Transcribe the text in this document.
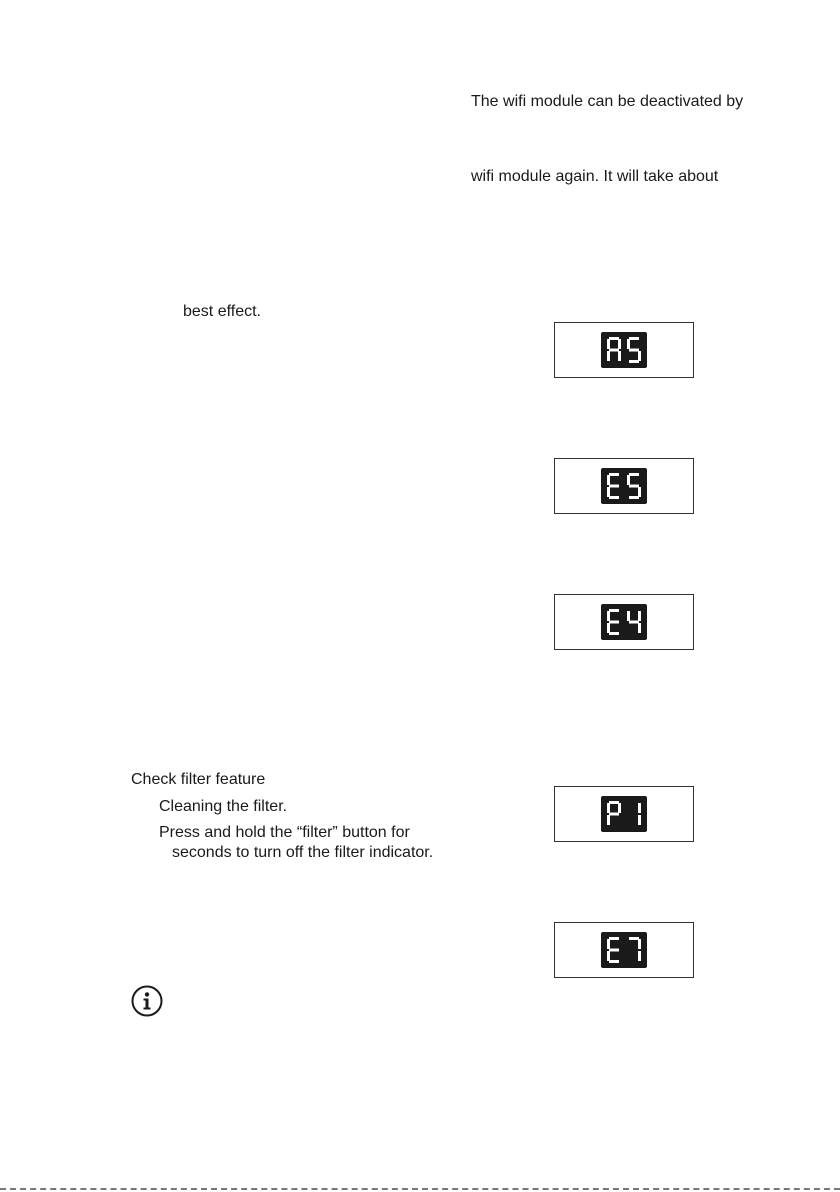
The wifi module can be deactivated by
wifi module again. It will take about
best effect.
Check filter feature
Cleaning the filter.
Press and hold the “filter” button for
seconds to turn off the filter indicator.
